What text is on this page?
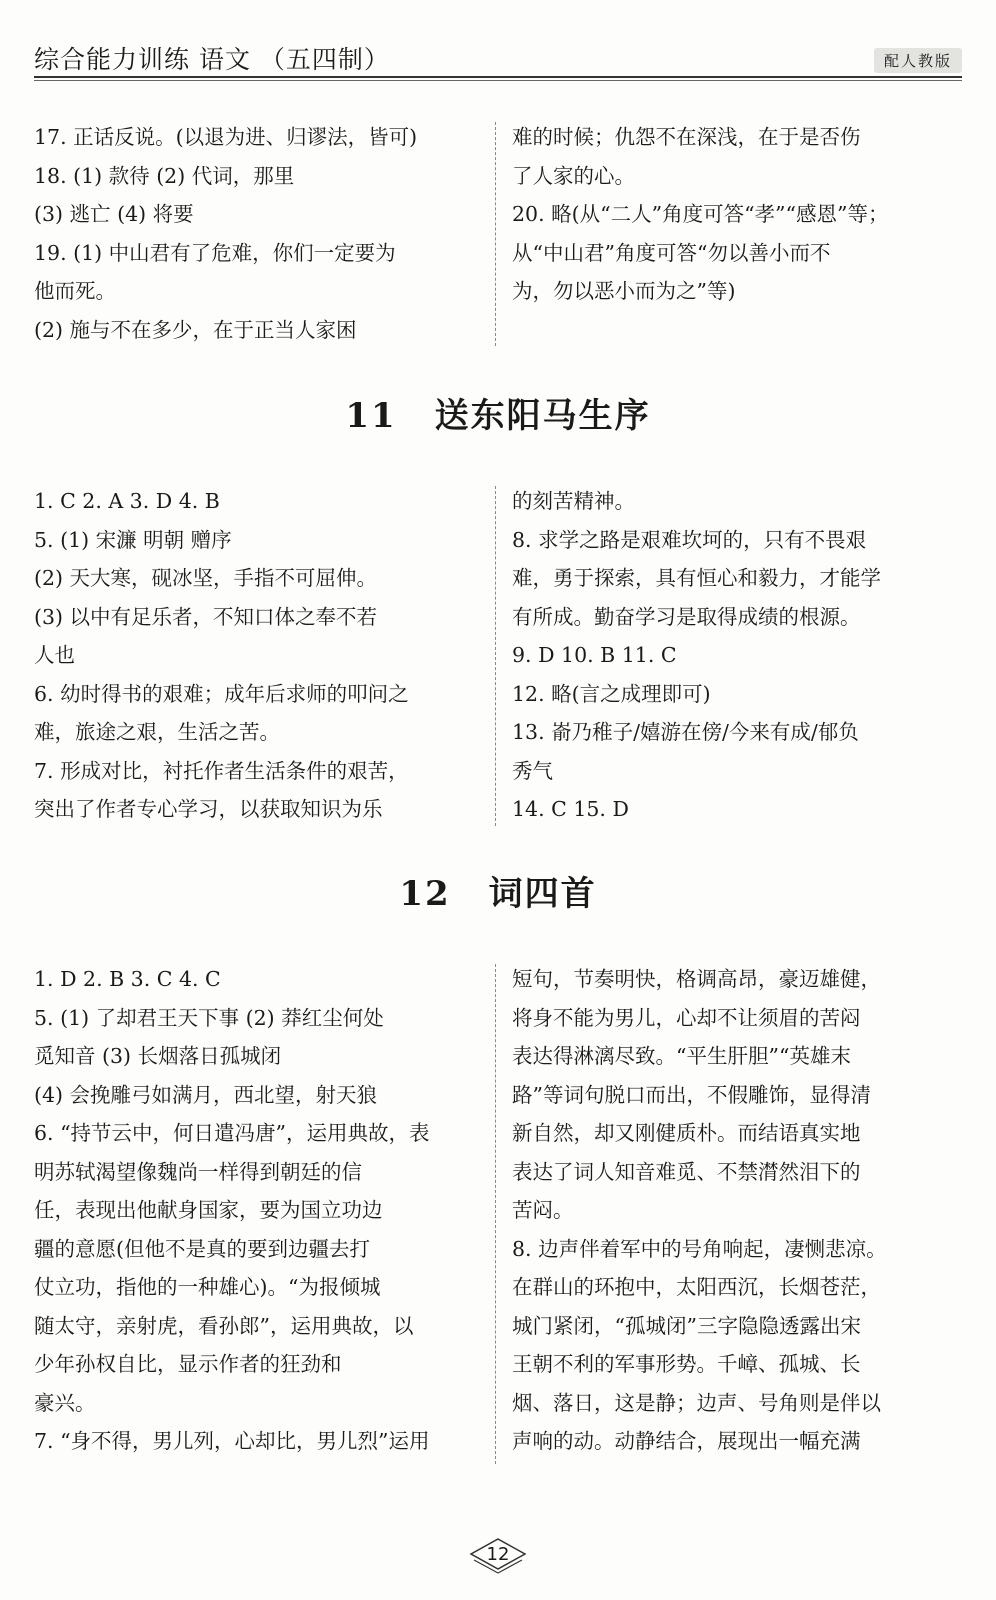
综合能力训练 语文 （五四制）	配人教版
17. 正话反说。(以退为进、归谬法，皆可)
18. (1) 款待 (2) 代词，那里
(3) 逃亡 (4) 将要
19. (1) 中山君有了危难，你们一定要为
他而死。
(2) 施与不在多少，在于正当人家困
难的时候；仇怨不在深浅，在于是否伤
了人家的心。
20. 略(从“二人”角度可答“孝”“感恩”等；
从“中山君”角度可答“勿以善小而不
为，勿以恶小而为之”等)
11 送东阳马生序
1. C 2. A 3. D 4. B
5. (1) 宋濂 明朝 赠序
(2) 天大寒，砚冰坚，手指不可屈伸。
(3) 以中有足乐者，不知口体之奉不若
人也
6. 幼时得书的艰难；成年后求师的叩问之
难，旅途之艰，生活之苦。
7. 形成对比，衬托作者生活条件的艰苦，
突出了作者专心学习，以获取知识为乐
的刻苦精神。
8. 求学之路是艰难坎坷的，只有不畏艰
难，勇于探索，具有恒心和毅力，才能学
有所成。勤奋学习是取得成绩的根源。
9. D 10. B 11. C
12. 略(言之成理即可)
13. 嵛乃稚子/嬉游在傍/今来有成/郁负
秀气
14. C 15. D
12 词四首
1. D 2. B 3. C 4. C
5. (1) 了却君王天下事 (2) 莽红尘何处
觅知音 (3) 长烟落日孤城闭
(4) 会挽雕弓如满月，西北望，射天狼
6. “持节云中，何日遣冯唐”，运用典故，表
明苏轼渴望像魏尚一样得到朝廷的信
任，表现出他献身国家，要为国立功边
疆的意愿(但他不是真的要到边疆去打
仗立功，指他的一种雄心)。“为报倾城
随太守，亲射虎，看孙郎”，运用典故，以
少年孙权自比，显示作者的狂劲和
豪兴。
7. “身不得，男儿列，心却比，男儿烈”运用
短句，节奏明快，格调高昂，豪迈雄健，
将身不能为男儿，心却不让须眉的苦闷
表达得淋漓尽致。“平生肝胆”“英雄末
路”等词句脱口而出，不假雕饰，显得清
新自然，却又刚健质朴。而结语真实地
表达了词人知音难觅、不禁潸然泪下的
苦闷。
8. 边声伴着军中的号角响起，凄恻悲凉。
在群山的环抱中，太阳西沉，长烟苍茫，
城门紧闭，“孤城闭”三字隐隐透露出宋
王朝不利的军事形势。千嶂、孤城、长
烟、落日，这是静；边声、号角则是伴以
声响的动。动静结合，展现出一幅充满
12
